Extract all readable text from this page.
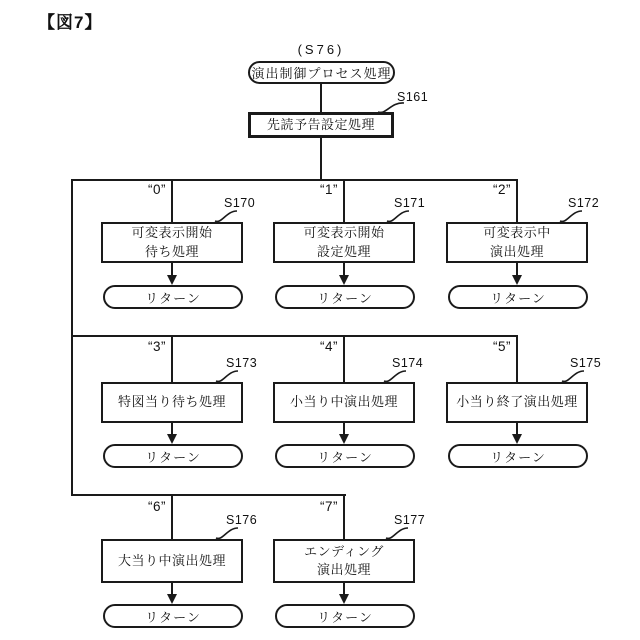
【図7】
(S76)
演出制御プロセス処理
S161
先読予告設定処理
“0”	“1”	“2”
S170	S171	S172
可変表示開始
待ち処理
可変表示開始
設定処理
可変表示中
演出処理
リターン	リターン	リターン
“3”	“4”	“5”
S173	S174	S175
特図当り待ち処理	小当り中演出処理	小当り終了演出処理
リターン	リターン	リターン
“6”	“7”
S176	S177
大当り中演出処理
エンディング
演出処理
リターン	リターン
